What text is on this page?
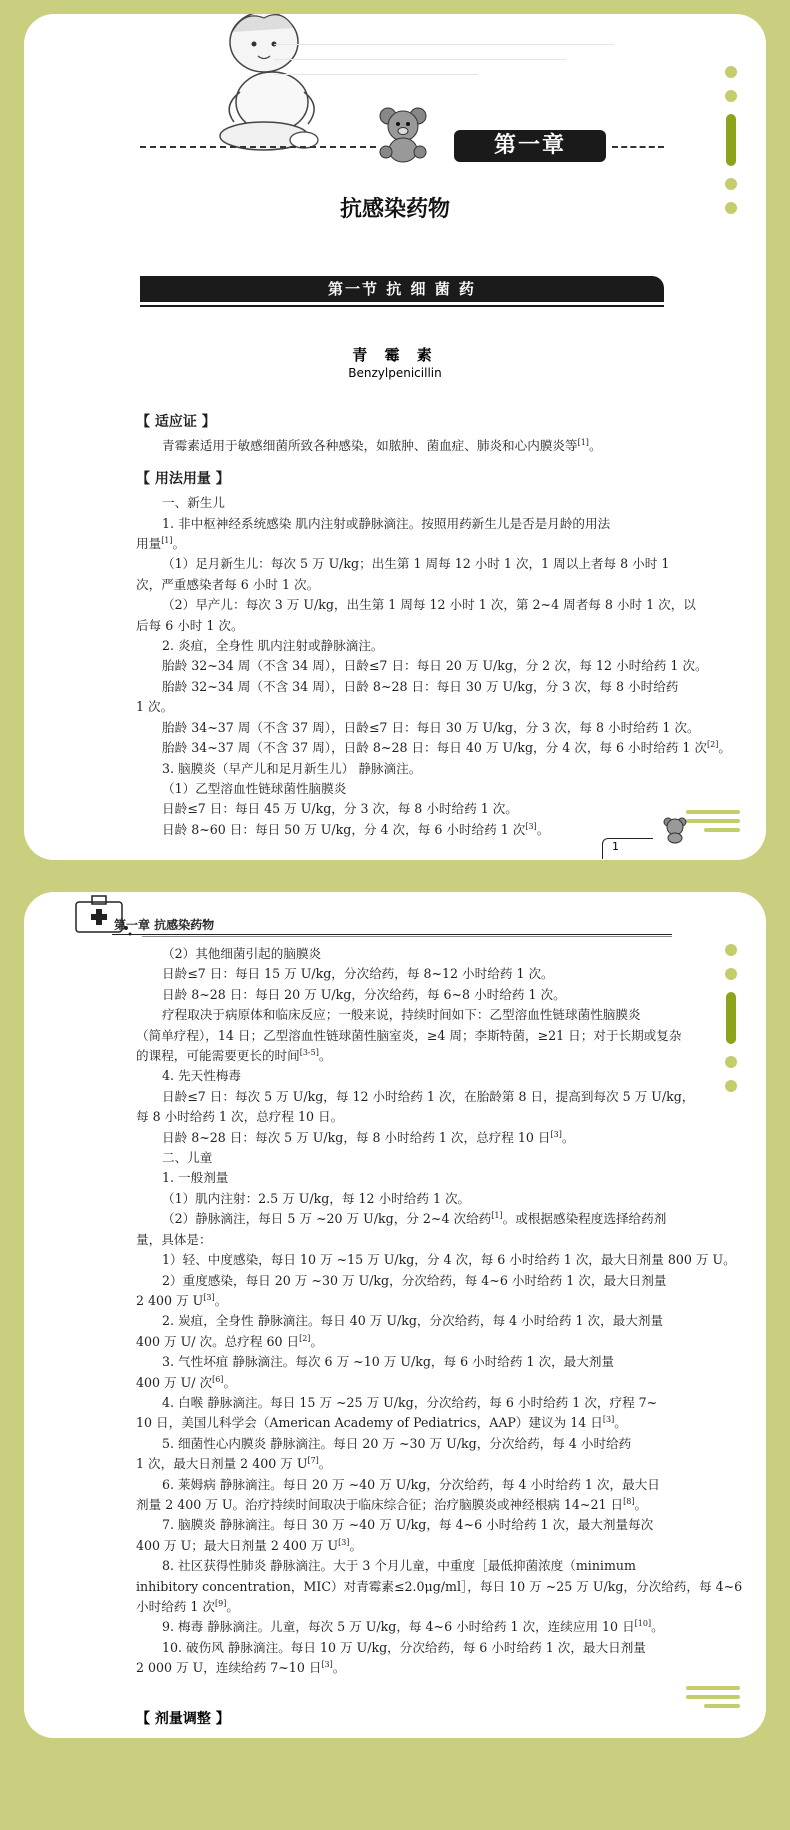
第一章
抗感染药物
第一节 抗 细 菌 药
青 霉 素
Benzylpenicillin
【 适应证 】
青霉素适用于敏感细菌所致各种感染，如脓肿、菌血症、肺炎和心内膜炎等[1]。
【 用法用量 】
一、新生儿
1. 非中枢神经系统感染 肌内注射或静脉滴注。按照用药新生儿是否是月龄的用法
用量[1]。
（1）足月新生儿：每次 5 万 U/kg；出生第 1 周每 12 小时 1 次，1 周以上者每 8 小时 1
次，严重感染者每 6 小时 1 次。
（2）早产儿：每次 3 万 U/kg，出生第 1 周每 12 小时 1 次，第 2~4 周者每 8 小时 1 次，以
后每 6 小时 1 次。
2. 炎疽，全身性 肌内注射或静脉滴注。
胎龄 32~34 周（不含 34 周），日龄≤7 日：每日 20 万 U/kg，分 2 次，每 12 小时给药 1 次。
胎龄 32~34 周（不含 34 周），日龄 8~28 日：每日 30 万 U/kg，分 3 次，每 8 小时给药
1 次。
胎龄 34~37 周（不含 37 周），日龄≤7 日：每日 30 万 U/kg，分 3 次，每 8 小时给药 1 次。
胎龄 34~37 周（不含 37 周），日龄 8~28 日：每日 40 万 U/kg，分 4 次，每 6 小时给药 1 次[2]。
3. 脑膜炎（早产儿和足月新生儿） 静脉滴注。
（1）乙型溶血性链球菌性脑膜炎
日龄≤7 日：每日 45 万 U/kg，分 3 次，每 8 小时给药 1 次。
日龄 8~60 日：每日 50 万 U/kg，分 4 次，每 6 小时给药 1 次[3]。
1
第一章 抗感染药物
（2）其他细菌引起的脑膜炎
日龄≤7 日：每日 15 万 U/kg，分次给药，每 8~12 小时给药 1 次。
日龄 8~28 日：每日 20 万 U/kg，分次给药，每 6~8 小时给药 1 次。
疗程取决于病原体和临床反应；一般来说，持续时间如下：乙型溶血性链球菌性脑膜炎
（简单疗程），14 日；乙型溶血性链球菌性脑室炎，≥4 周；李斯特菌，≥21 日；对于长期或复杂
的课程，可能需要更长的时间[3-5]。
4. 先天性梅毒
日龄≤7 日：每次 5 万 U/kg，每 12 小时给药 1 次，在胎龄第 8 日，提高到每次 5 万 U/kg，
每 8 小时给药 1 次，总疗程 10 日。
日龄 8~28 日：每次 5 万 U/kg，每 8 小时给药 1 次，总疗程 10 日[3]。
二、儿童
1. 一般剂量
（1）肌内注射：2.5 万 U/kg，每 12 小时给药 1 次。
（2）静脉滴注，每日 5 万 ~20 万 U/kg，分 2~4 次给药[1]。或根据感染程度选择给药剂
量，具体是：
1）轻、中度感染，每日 10 万 ~15 万 U/kg，分 4 次，每 6 小时给药 1 次，最大日剂量 800 万 U。
2）重度感染，每日 20 万 ~30 万 U/kg，分次给药，每 4~6 小时给药 1 次，最大日剂量
2 400 万 U[3]。
2. 炭疽，全身性 静脉滴注。每日 40 万 U/kg，分次给药，每 4 小时给药 1 次，最大剂量
400 万 U/ 次。总疗程 60 日[2]。
3. 气性坏疽 静脉滴注。每次 6 万 ~10 万 U/kg，每 6 小时给药 1 次，最大剂量
400 万 U/ 次[6]。
4. 白喉 静脉滴注。每日 15 万 ~25 万 U/kg，分次给药，每 6 小时给药 1 次，疗程 7~
10 日，美国儿科学会（American Academy of Pediatrics，AAP）建议为 14 日[3]。
5. 细菌性心内膜炎 静脉滴注。每日 20 万 ~30 万 U/kg，分次给药，每 4 小时给药
1 次，最大日剂量 2 400 万 U[7]。
6. 莱姆病 静脉滴注。每日 20 万 ~40 万 U/kg，分次给药，每 4 小时给药 1 次，最大日
剂量 2 400 万 U。治疗持续时间取决于临床综合征；治疗脑膜炎或神经根病 14~21 日[8]。
7. 脑膜炎 静脉滴注。每日 30 万 ~40 万 U/kg，每 4~6 小时给药 1 次，最大剂量每次
400 万 U；最大日剂量 2 400 万 U[3]。
8. 社区获得性肺炎 静脉滴注。大于 3 个月儿童，中重度［最低抑菌浓度（minimum
inhibitory concentration，MIC）对青霉素≤2.0μg/ml］，每日 10 万 ~25 万 U/kg，分次给药，每 4~6
小时给药 1 次[9]。
9. 梅毒 静脉滴注。儿童，每次 5 万 U/kg，每 4~6 小时给药 1 次，连续应用 10 日[10]。
10. 破伤风 静脉滴注。每日 10 万 U/kg，分次给药，每 6 小时给药 1 次，最大日剂量
2 000 万 U，连续给药 7~10 日[3]。
【 剂量调整 】
